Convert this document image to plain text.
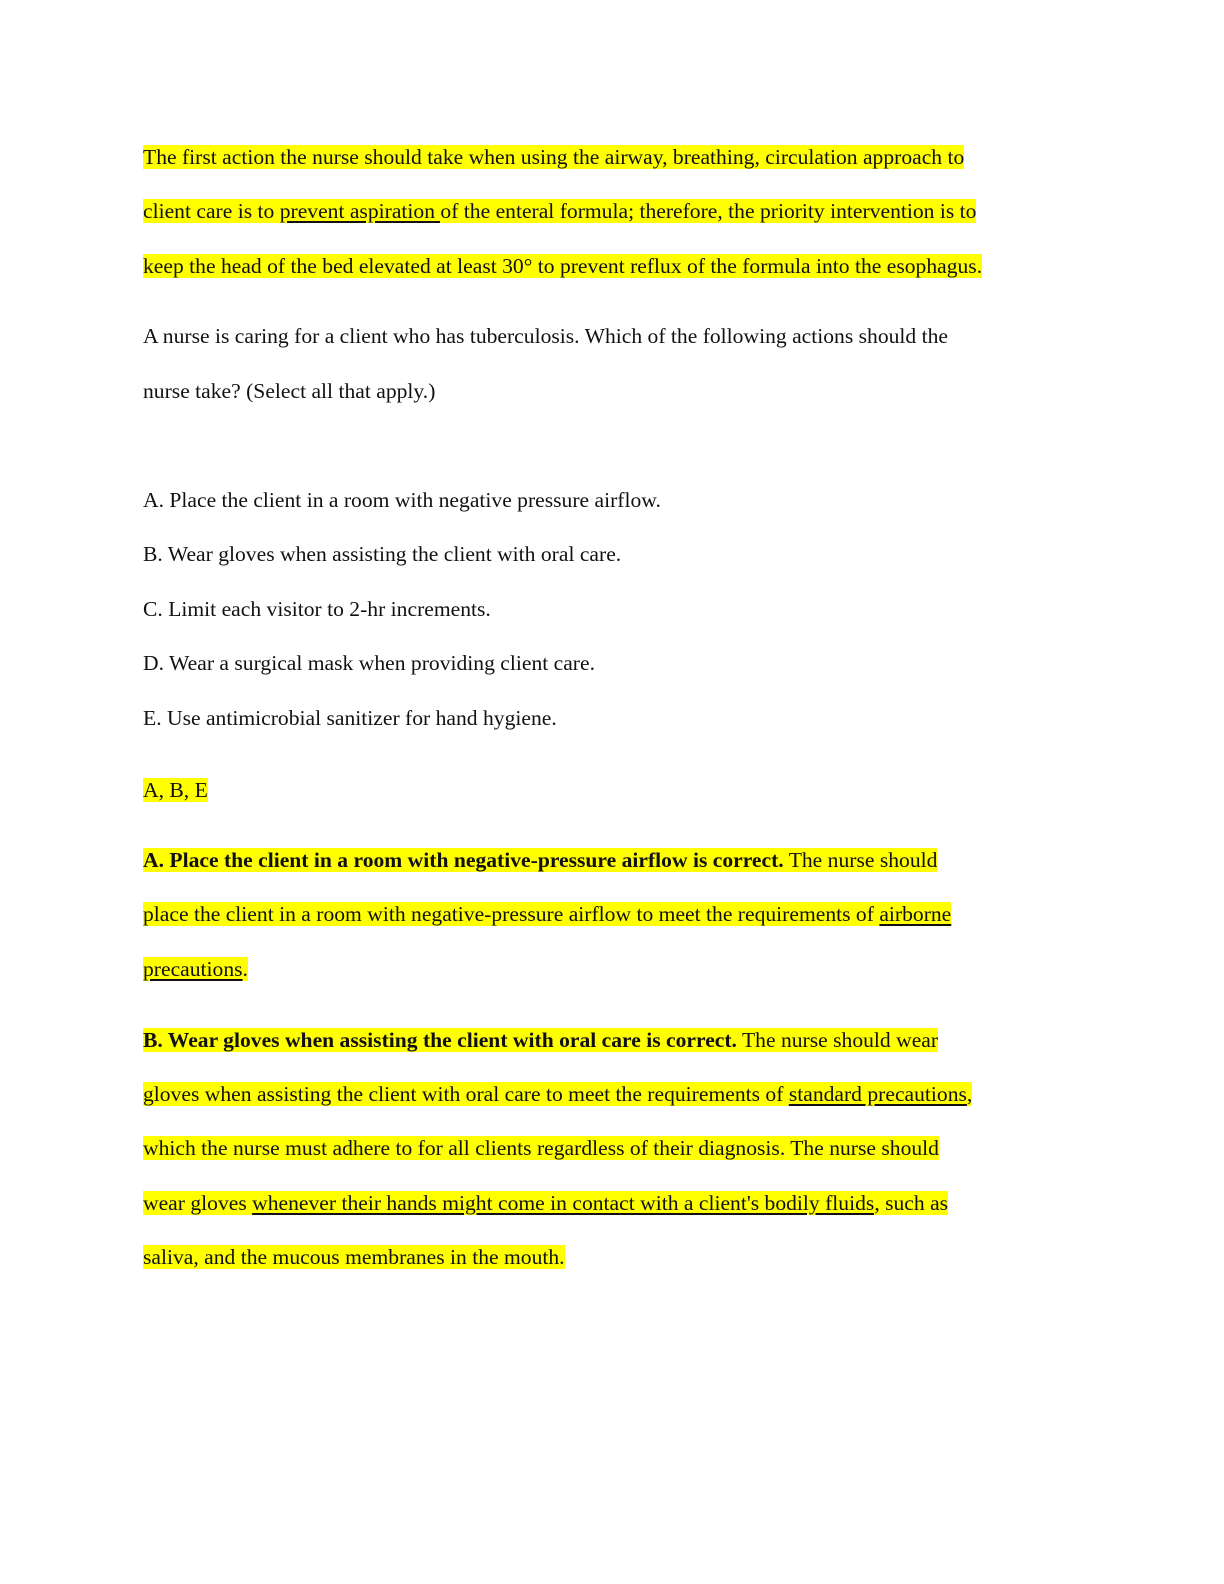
The first action the nurse should take when using the airway, breathing, circulation approach to
client care is to prevent aspiration of the enteral formula; therefore, the priority intervention is to
keep the head of the bed elevated at least 30° to prevent reflux of the formula into the esophagus.
A nurse is caring for a client who has tuberculosis. Which of the following actions should the
nurse take? (Select all that apply.)
A. Place the client in a room with negative pressure airflow.
B. Wear gloves when assisting the client with oral care.
C. Limit each visitor to 2-hr increments.
D. Wear a surgical mask when providing client care.
E. Use antimicrobial sanitizer for hand hygiene.
A, B, E
A. Place the client in a room with negative-pressure airflow is correct. The nurse should
place the client in a room with negative-pressure airflow to meet the requirements of airborne
precautions.
B. Wear gloves when assisting the client with oral care is correct. The nurse should wear
gloves when assisting the client with oral care to meet the requirements of standard precautions,
which the nurse must adhere to for all clients regardless of their diagnosis. The nurse should
wear gloves whenever their hands might come in contact with a client's bodily fluids, such as
saliva, and the mucous membranes in the mouth.
